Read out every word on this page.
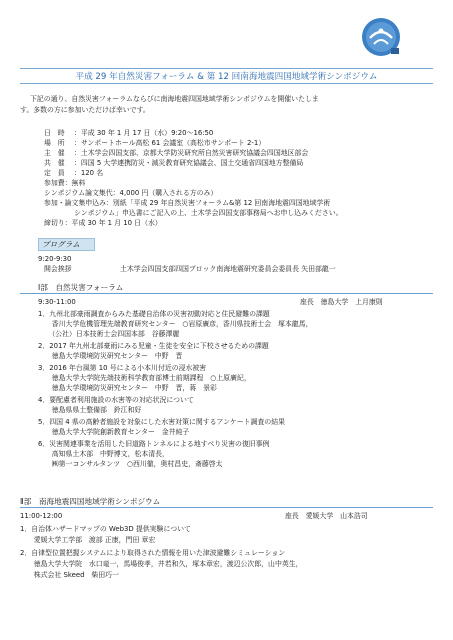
平成 29 年自然災害フォーラム & 第 12 回南海地震四国地域学術シンポジウム
下記の通り、自然災害フォーラムならびに南海地震四国地域学術シンポジウムを開催いたしま
す。多数の方に参加いただけば幸いです。
日　時 ：平成 30 年 1 月 17 日（水）9:20～16:50
場　所 ：サンポートホール高松 61 会議室（高松市サンポート 2-1）
主　催 ：土木学会四国支部、京都大学防災研究所自然災害研究協議会四国地区部会
共　催 ：四国 5 大学連携防災・減災教育研究協議会、国土交通省四国地方整備局
定　員 ：120 名
参加費：無料
シンポジウム論文集代：4,000 円（購入される方のみ）
参加・論文集申込み：別紙「平成 29 年自然災害フォーラム&第 12 回南海地震四国地域学術
シンポジウム」申込書にご記入の上、土木学会四国支部事務局へお申し込みください。
締切り：平成 30 年 1 月 10 日（水）
プログラム
9:20-9:30
開会挨拶	土木学会四国支部四国ブロック南海地震研究委員会委員長 矢田部龍一
Ⅰ部　自然災害フォーラム
9:30-11:00	座長　徳島大学　上月康則
1．九州北部豪雨調査からみた基礎自治体の災害初動対応と住民避難の課題
　　香川大学危機管理先端教育研究センター　○岩原廣彦，香川県技術士会　塚本龍馬，
　　（公社）日本技術士会四国本部　谷藤澤麗
2．2017 年九州北部豪雨にみる児童・生徒を安全に下校させるための課題
　　徳島大学環境防災研究センター　中野　晋
3．2016 年台風第 10 号による小本川付近の浸水被害
　　徳島大学大学院先端技術科学教育部博士前期課程　○上原廣紀，
　　徳島大学環境防災研究センター　中野　晋，蒋　景彩
4．要配慮者利用施設の水害等の対応状況について
　　徳島県県土整備部　鈴江和好
5．四国 4 県の高齢者施設を対象にした水害対策に関するアンケート調査の結果
　　徳島大学大学院創新教育センター　金井純子
6．災害関連事業を活用した旧道路トンネルによる地すべり災害の復旧事例
　　高知県土木部　中野博文，松本清長，
　　㈱第一コンサルタンツ　○西川徹，奥村昌史，斎藤啓太
Ⅱ部　南海地震四国地域学術シンポジウム
11:00-12:00	座長　愛媛大学　山本浩司
1．自治体ハザードマップの Web3D 提供実験について
　　愛媛大学工学部　渡部 正康，門田 章宏
2．自律型位置把握システムにより取得された情報を用いた津波避難シミュレーション
　　徳島大学大学院　水口竜一，馬場俊孝，井若和久，塚本章宏，渡辺公次郎，山中英生，
　　株式会社 Skeed　柴田巧一
